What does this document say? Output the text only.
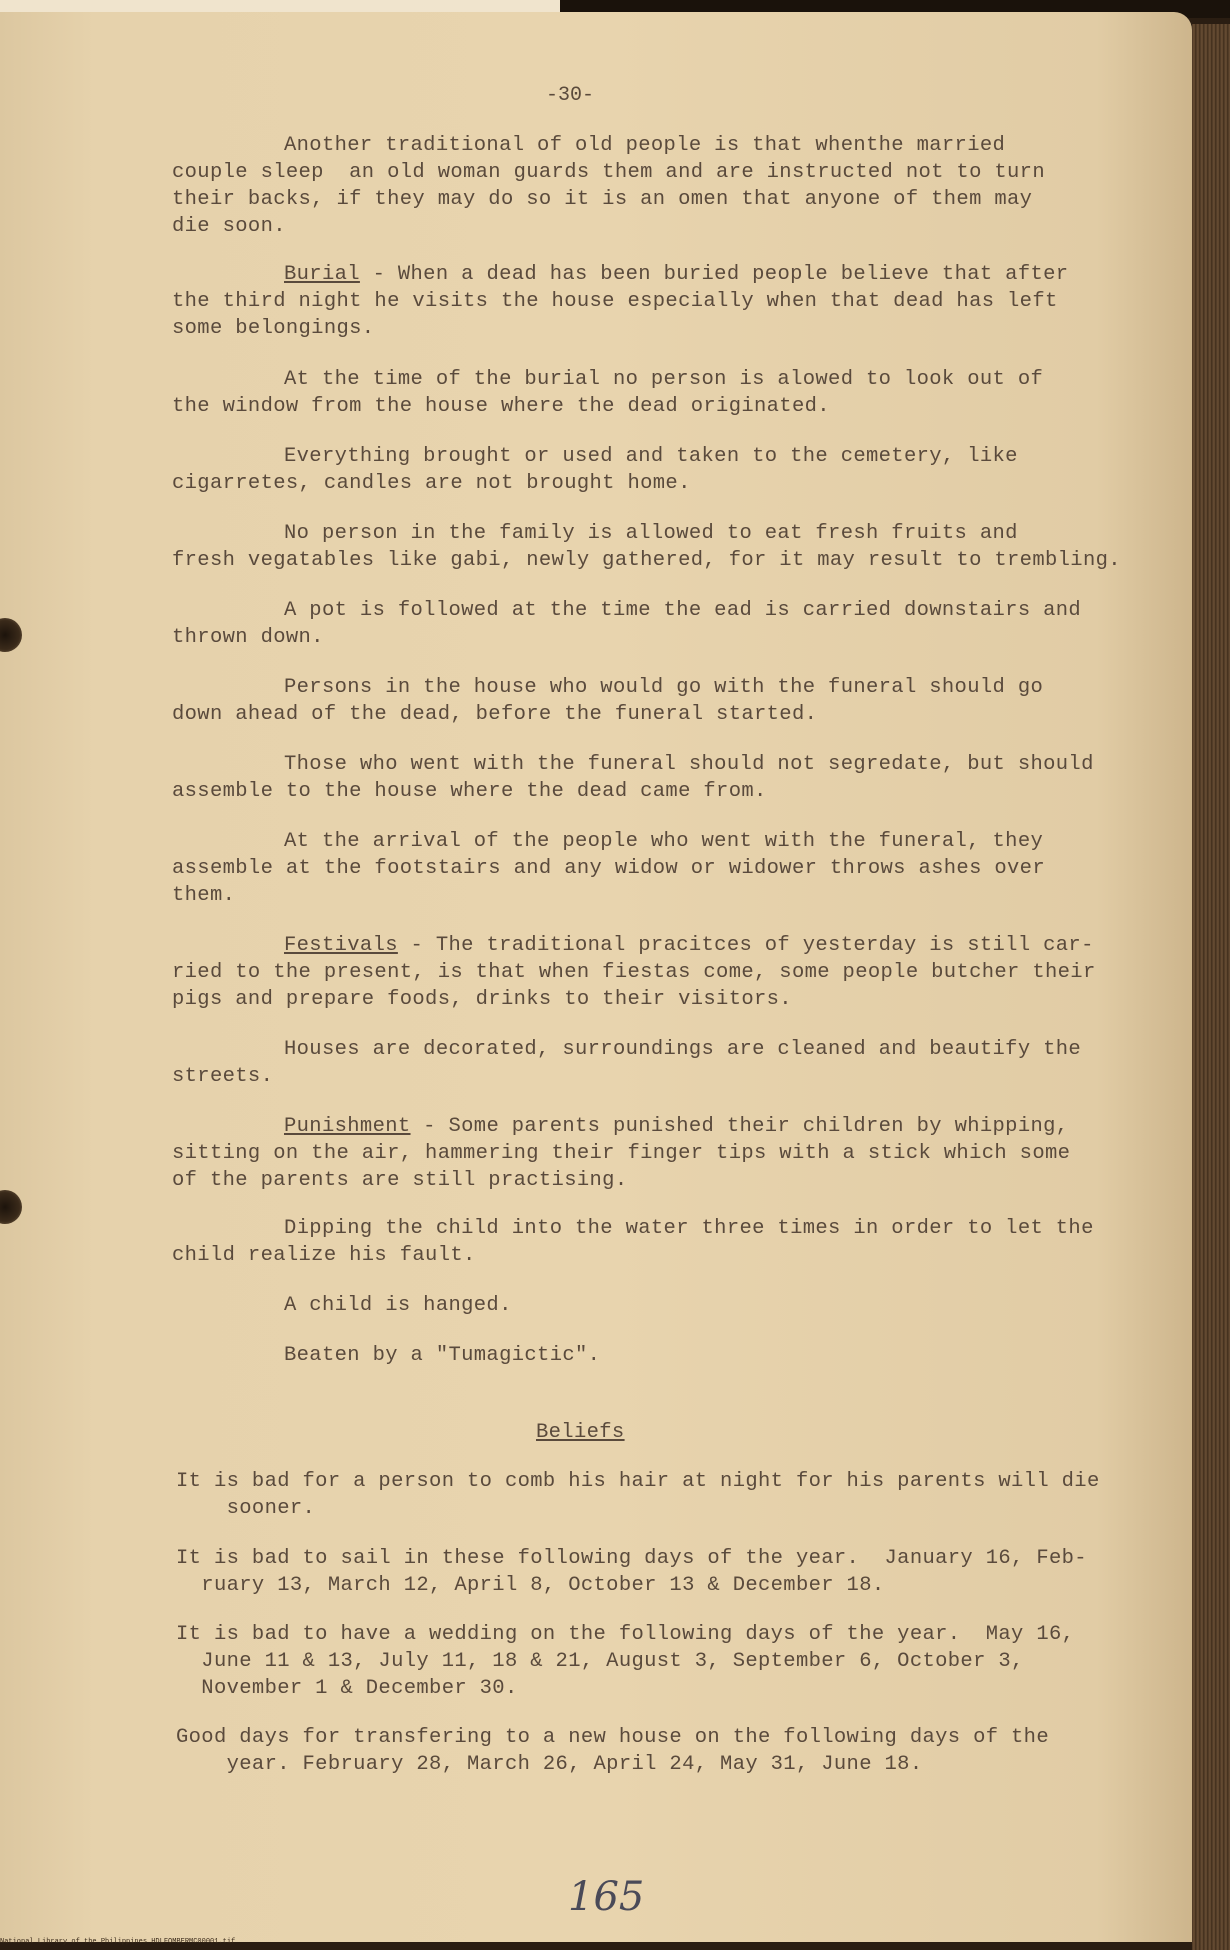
-30-
Another traditional of old people is that whenthe married
couple sleep  an old woman guards them and are instructed not to turn
their backs, if they may do so it is an omen that anyone of them may
die soon.
Burial - When a dead has been buried people believe that after
the third night he visits the house especially when that dead has left
some belongings.
At the time of the burial no person is alowed to look out of
the window from the house where the dead originated.
Everything brought or used and taken to the cemetery, like
cigarretes, candles are not brought home.
No person in the family is allowed to eat fresh fruits and
fresh vegatables like gabi, newly gathered, for it may result to trembling.
A pot is followed at the time the ead is carried downstairs and
thrown down.
Persons in the house who would go with the funeral should go
down ahead of the dead, before the funeral started.
Those who went with the funeral should not segredate, but should
assemble to the house where the dead came from.
At the arrival of the people who went with the funeral, they
assemble at the footstairs and any widow or widower throws ashes over
them.
Festivals - The traditional pracitces of yesterday is still car-
ried to the present, is that when fiestas come, some people butcher their
pigs and prepare foods, drinks to their visitors.
Houses are decorated, surroundings are cleaned and beautify the
streets.
Punishment - Some parents punished their children by whipping,
sitting on the air, hammering their finger tips with a stick which some
of the parents are still practising.
Dipping the child into the water three times in order to let the
child realize his fault.
A child is hanged.
Beaten by a "Tumagictic".
Beliefs
It is bad for a person to comb his hair at night for his parents will die
sooner.
It is bad to sail in these following days of the year.  January 16, Feb-
ruary 13, March 12, April 8, October 13 & December 18.
It is bad to have a wedding on the following days of the year.  May 16,
June 11 & 13, July 11, 18 & 21, August 3, September 6, October 3,
November 1 & December 30.
Good days for transfering to a new house on the following days of the
year. February 28, March 26, April 24, May 31, June 18.
165
National Library of the Philippines HDLFOMBERMC00001.tif
